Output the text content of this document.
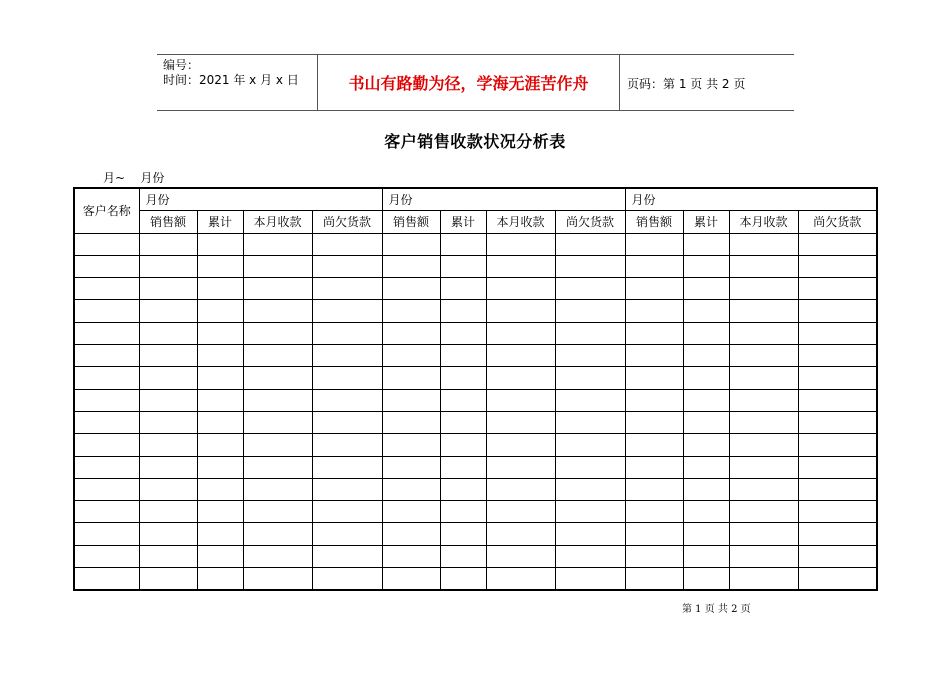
编号：
时间：2021 年 x 月 x 日	书山有路勤为径，学海无涯苦作舟	页码：第 1 页 共 2 页
客户销售收款状况分析表
月~    月份
客户名称	月份				月份				月份			
	销售额	累计	本月收款	尚欠货款	销售额	累计	本月收款	尚欠货款	销售额	累计	本月收款	尚欠货款

第 1 页 共 2 页
